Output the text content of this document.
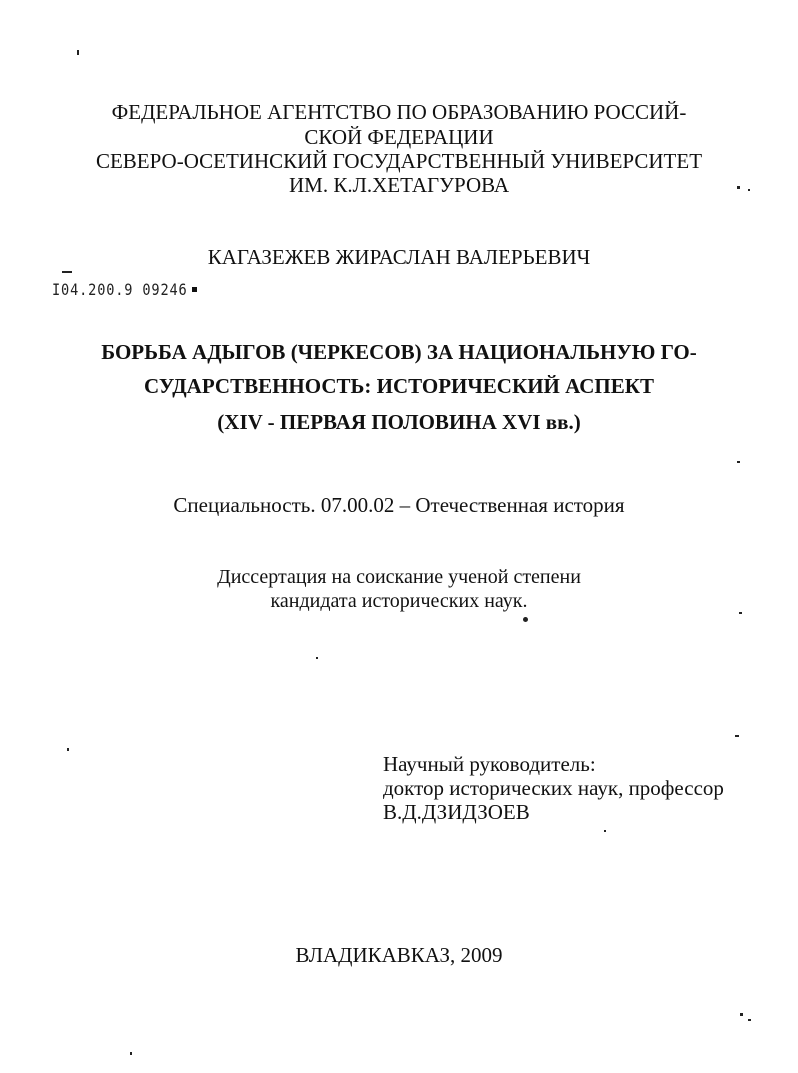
ФЕДЕРАЛЬНОЕ АГЕНТСТВО ПО ОБРАЗОВАНИЮ РОССИЙ-
СКОЙ ФЕДЕРАЦИИ
СЕВЕРО-ОСЕТИНСКИЙ ГОСУДАРСТВЕННЫЙ УНИВЕРСИТЕТ
ИМ. К.Л.ХЕТАГУРОВА
КАГАЗЕЖЕВ ЖИРАСЛАН ВАЛЕРЬЕВИЧ
I04.200.9 09246
БОРЬБА АДЫГОВ (ЧЕРКЕСОВ) ЗА НАЦИОНАЛЬНУЮ ГО-
СУДАРСТВЕННОСТЬ: ИСТОРИЧЕСКИЙ АСПЕКТ
(XIV - ПЕРВАЯ ПОЛОВИНА XVI вв.)
Специальность. 07.00.02 – Отечественная история
Диссертация на соискание ученой степени
кандидата исторических наук.
Научный руководитель:
доктор исторических наук, профессор
В.Д.ДЗИДЗОЕВ
ВЛАДИКАВКАЗ, 2009
